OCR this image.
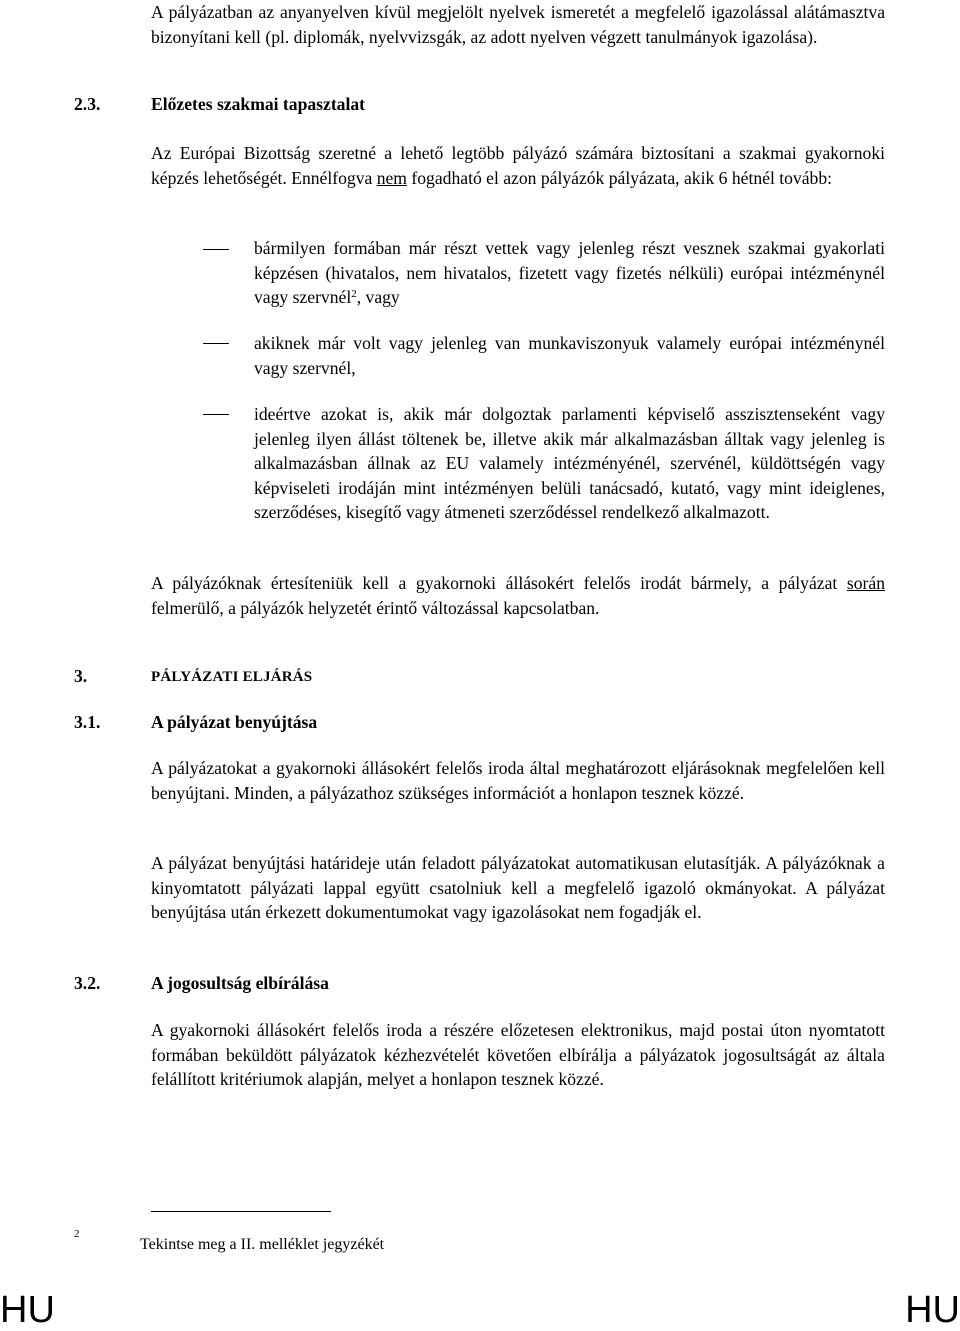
A pályázatban az anyanyelven kívül megjelölt nyelvek ismeretét a megfelelő igazolással alátámasztva bizonyítani kell (pl. diplomák, nyelvvizsgák, az adott nyelven végzett tanulmányok igazolása).

2.3.	Előzetes szakmai tapasztalat

Az Európai Bizottság szeretné a lehető legtöbb pályázó számára biztosítani a szakmai gyakornoki képzés lehetőségét. Ennélfogva nem fogadható el azon pályázók pályázata, akik 6 hétnél tovább:

bármilyen formában már részt vettek vagy jelenleg részt vesznek szakmai gyakorlati képzésen (hivatalos, nem hivatalos, fizetett vagy fizetés nélküli) európai intézménynél vagy szervnél$^2$, vagy

akiknek már volt vagy jelenleg van munkaviszonyuk valamely európai intézménynél vagy szervnél,

ideértve azokat is, akik már dolgoztak parlamenti képviselő asszisztenseként vagy jelenleg ilyen állást töltenek be, illetve akik már alkalmazásban álltak vagy jelenleg is alkalmazásban állnak az EU valamely intézményénél, szervénél, küldöttségén vagy képviseleti irodáján mint intézményen belüli tanácsadó, kutató, vagy mint ideiglenes, szerződéses, kisegítő vagy átmeneti szerződéssel rendelkező alkalmazott.

A pályázóknak értesíteniük kell a gyakornoki állásokért felelős irodát bármely, a pályázat során felmerülő, a pályázók helyzetét érintő változással kapcsolatban.

3.	PÁLYÁZATI ELJÁRÁS
3.1.	A pályázat benyújtása

A pályázatokat a gyakornoki állásokért felelős iroda által meghatározott eljárásoknak megfelelően kell benyújtani. Minden, a pályázathoz szükséges információt a honlapon tesznek közzé.

A pályázat benyújtási határideje után feladott pályázatokat automatikusan elutasítják. A pályázóknak a kinyomtatott pályázati lappal együtt csatolniuk kell a megfelelő igazoló okmányokat. A pályázat benyújtása után érkezett dokumentumokat vagy igazolásokat nem fogadják el.

3.2.	A jogosultság elbírálása

A gyakornoki állásokért felelős iroda a részére előzetesen elektronikus, majd postai úton nyomtatott formában beküldött pályázatok kézhezvételét követően elbírálja a pályázatok jogosultságát az általa felállított kritériumok alapján, melyet a honlapon tesznek közzé.

2
Tekintse meg a II. melléklet jegyzékét
HU	HU
